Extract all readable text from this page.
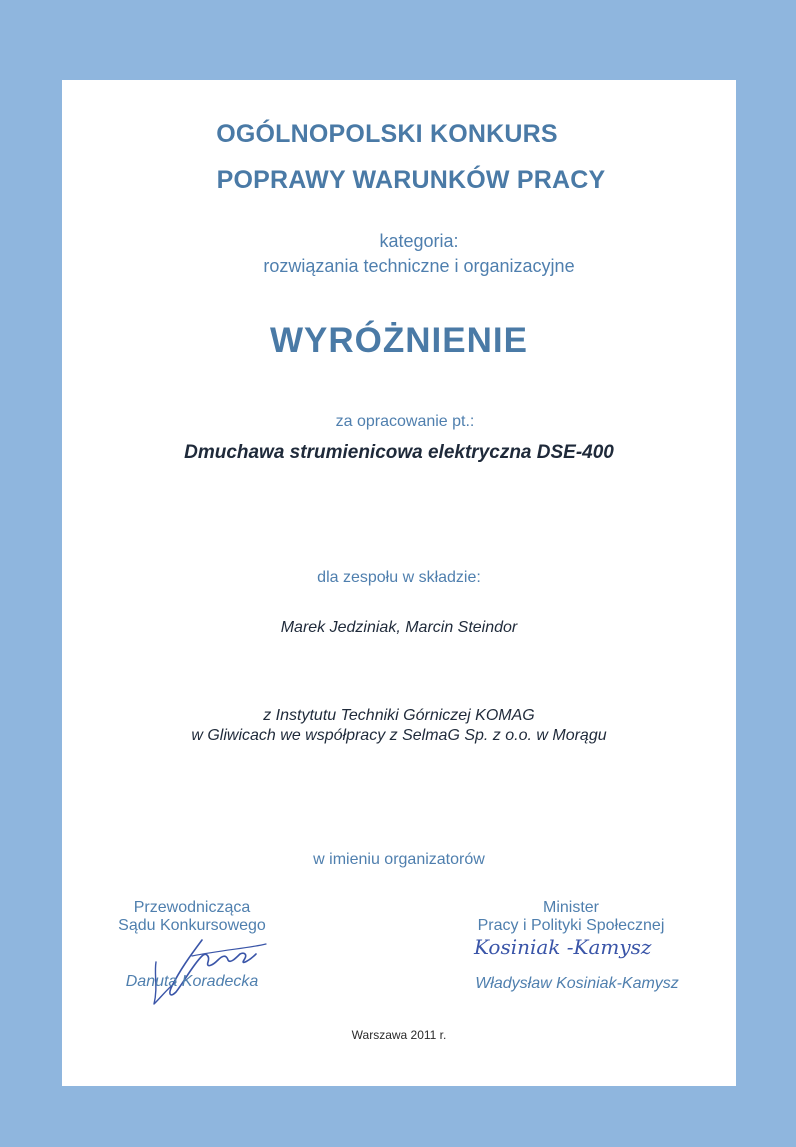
OGÓLNOPOLSKI KONKURS
POPRAWY WARUNKÓW PRACY
kategoria:
rozwiązania techniczne i organizacyjne
WYRÓŻNIENIE
za opracowanie pt.:
Dmuchawa strumienicowa elektryczna DSE-400
dla zespołu w składzie:
Marek Jedziniak, Marcin Steindor
z Instytutu Techniki Górniczej KOMAG
w Gliwicach we współpracy z SelmaG Sp. z o.o. w Morągu
w imieniu organizatorów
Przewodnicząca
Sądu Konkursowego
Danuta Koradecka
Minister
Pracy i Polityki Społecznej
Kosiniak -Kamysz
Władysław Kosiniak-Kamysz
Warszawa 2011 r.
